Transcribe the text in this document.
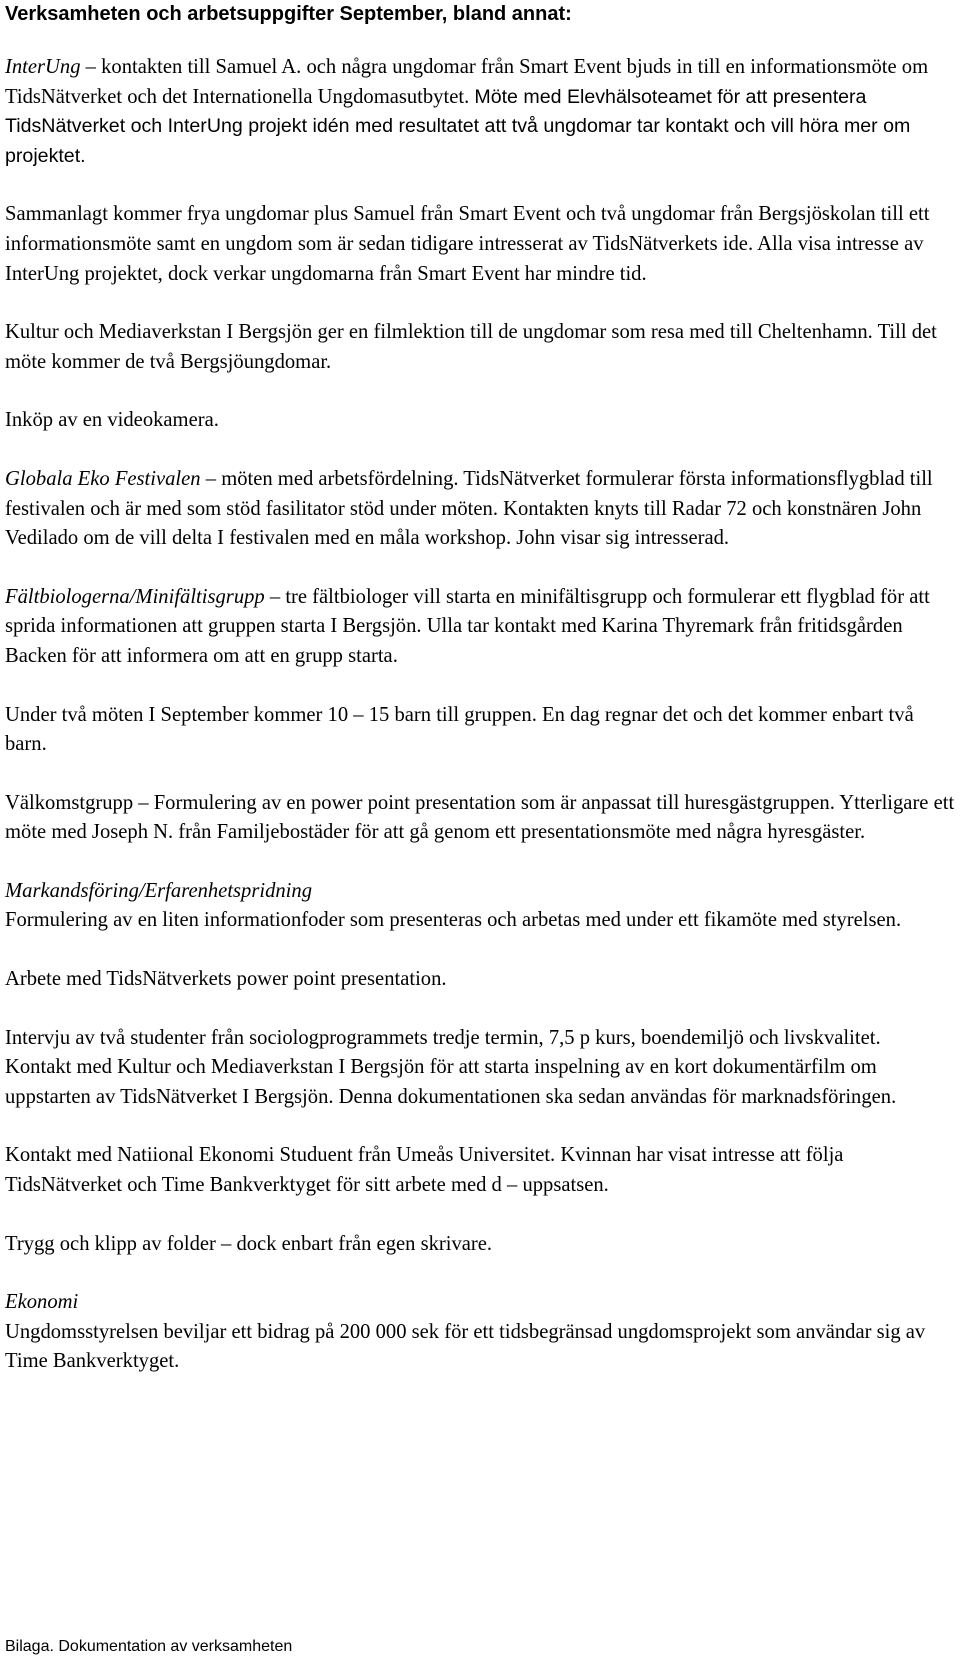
Verksamheten och arbetsuppgifter September, bland annat:

InterUng – kontakten till Samuel A. och några ungdomar från Smart Event bjuds in till en informationsmöte om TidsNätverket och det Internationella Ungdomasutbytet. Möte med Elevhälsoteamet för att presentera TidsNätverket och InterUng projekt idén med resultatet att två ungdomar tar kontakt och vill höra mer om projektet.

Sammanlagt kommer frya ungdomar plus Samuel från Smart Event och två ungdomar från Bergsjöskolan till ett informationsmöte samt en ungdom som är sedan tidigare intresserat av TidsNätverkets ide. Alla visa intresse av InterUng projektet, dock verkar ungdomarna från Smart Event har mindre tid.

Kultur och Mediaverkstan I Bergsjön ger en filmlektion till de ungdomar som resa med till Cheltenhamn. Till det möte kommer de två Bergsjöungdomar.

Inköp av en videokamera.

Globala Eko Festivalen – möten med arbetsfördelning. TidsNätverket formulerar första informationsflygblad till festivalen och är med som stöd fasilitator stöd under möten. Kontakten knyts till Radar 72 och konstnären John Vedilado om de vill delta I festivalen med en måla workshop. John visar sig intresserad.

Fältbiologerna/Minifältisgrupp – tre fältbiologer vill starta en minifältisgrupp och formulerar ett flygblad för att sprida informationen att gruppen starta I Bergsjön. Ulla tar kontakt med Karina Thyremark från fritidsgården Backen för att informera om att en grupp starta.

Under två möten I September kommer 10 – 15 barn till gruppen. En dag regnar det och det kommer enbart två barn.

Välkomstgrupp – Formulering av en power point presentation som är anpassat till huresgästgruppen. Ytterligare ett möte med Joseph N. från Familjebostäder för att gå genom ett presentationsmöte med några hyresgäster.

Markandsföring/Erfarenhetspridning
Formulering av en liten informationfoder som presenteras och arbetas med under ett fikamöte med styrelsen.

Arbete med TidsNätverkets power point presentation.

Intervju av två studenter från sociologprogrammets tredje termin, 7,5 p kurs, boendemiljö och livskvalitet.

Kontakt med Kultur och Mediaverkstan I Bergsjön för att starta inspelning av en kort dokumentärfilm om uppstarten av TidsNätverket I Bergsjön. Denna dokumentationen ska sedan användas för marknadsföringen.

Kontakt med Natiional Ekonomi Studuent från Umeås Universitet. Kvinnan har visat intresse att följa TidsNätverket och Time Bankverktyget för sitt arbete med d – uppsatsen.

Trygg och klipp av folder – dock enbart från egen skrivare.

Ekonomi
Ungdomsstyrelsen beviljar ett bidrag på 200 000 sek för ett tidsbegränsad ungdomsprojekt som användar sig av Time Bankverktyget.

Bilaga. Dokumentation av verksamheten
